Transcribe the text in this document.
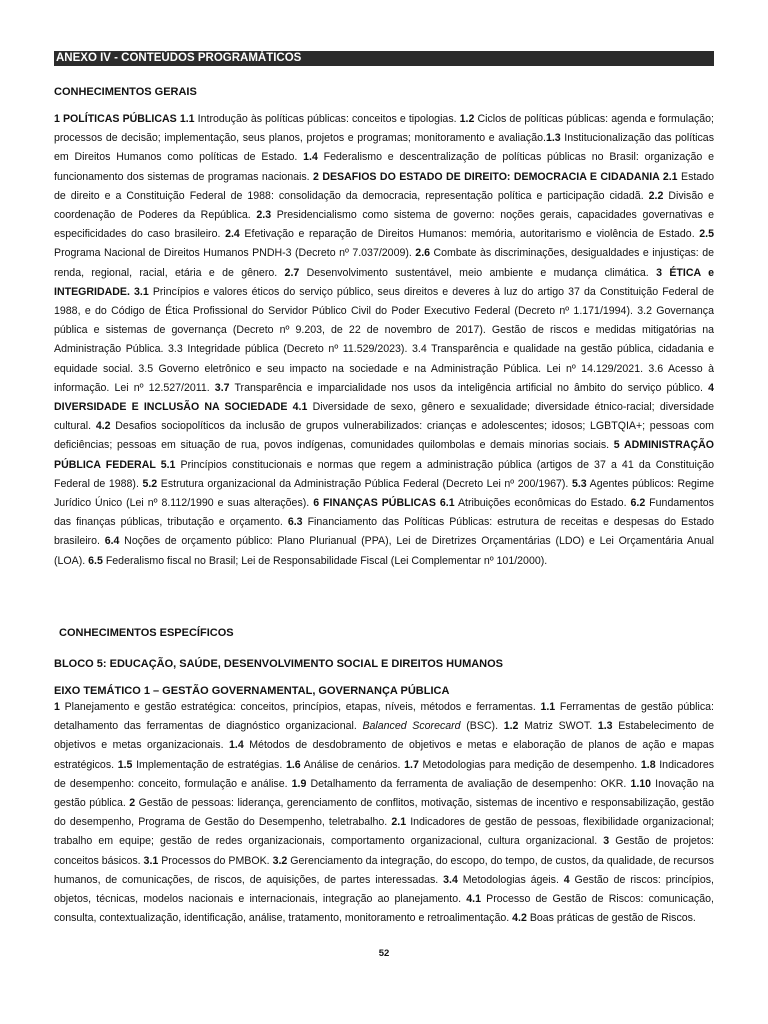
ANEXO IV - CONTEÚDOS PROGRAMÁTICOS
CONHECIMENTOS GERAIS

1 POLÍTICAS PÚBLICAS 1.1 Introdução às políticas públicas: conceitos e tipologias. 1.2 Ciclos de políticas públicas: agenda e formulação; processos de decisão; implementação, seus planos, projetos e programas; monitoramento e avaliação.1.3 Institucionalização das políticas em Direitos Humanos como políticas de Estado. 1.4 Federalismo e descentralização de políticas públicas no Brasil: organização e funcionamento dos sistemas de programas nacionais. 2 DESAFIOS DO ESTADO DE DIREITO: DEMOCRACIA E CIDADANIA 2.1 Estado de direito e a Constituição Federal de 1988: consolidação da democracia, representação política e participação cidadã. 2.2 Divisão e coordenação de Poderes da República. 2.3 Presidencialismo como sistema de governo: noções gerais, capacidades governativas e especificidades do caso brasileiro. 2.4 Efetivação e reparação de Direitos Humanos: memória, autoritarismo e violência de Estado. 2.5 Programa Nacional de Direitos Humanos PNDH-3 (Decreto nº 7.037/2009). 2.6 Combate às discriminações, desigualdades e injustiças: de renda, regional, racial, etária e de gênero. 2.7 Desenvolvimento sustentável, meio ambiente e mudança climática. 3 ÉTICA e INTEGRIDADE. 3.1 Princípios e valores éticos do serviço público, seus direitos e deveres à luz do artigo 37 da Constituição Federal de 1988, e do Código de Ética Profissional do Servidor Público Civil do Poder Executivo Federal (Decreto nº 1.171/1994). 3.2 Governança pública e sistemas de governança (Decreto nº 9.203, de 22 de novembro de 2017). Gestão de riscos e medidas mitigatórias na Administração Pública. 3.3 Integridade pública (Decreto nº 11.529/2023). 3.4 Transparência e qualidade na gestão pública, cidadania e equidade social. 3.5 Governo eletrônico e seu impacto na sociedade e na Administração Pública. Lei nº 14.129/2021. 3.6 Acesso à informação. Lei nº 12.527/2011. 3.7 Transparência e imparcialidade nos usos da inteligência artificial no âmbito do serviço público. 4 DIVERSIDADE E INCLUSÃO NA SOCIEDADE 4.1 Diversidade de sexo, gênero e sexualidade; diversidade étnico-racial; diversidade cultural. 4.2 Desafios sociopolíticos da inclusão de grupos vulnerabilizados: crianças e adolescentes; idosos; LGBTQIA+; pessoas com deficiências; pessoas em situação de rua, povos indígenas, comunidades quilombolas e demais minorias sociais. 5 ADMINISTRAÇÃO PÚBLICA FEDERAL 5.1 Princípios constitucionais e normas que regem a administração pública (artigos de 37 a 41 da Constituição Federal de 1988). 5.2 Estrutura organizacional da Administração Pública Federal (Decreto Lei nº 200/1967). 5.3 Agentes públicos: Regime Jurídico Único (Lei nº 8.112/1990 e suas alterações). 6 FINANÇAS PÚBLICAS 6.1 Atribuições econômicas do Estado. 6.2 Fundamentos das finanças públicas, tributação e orçamento. 6.3 Financiamento das Políticas Públicas: estrutura de receitas e despesas do Estado brasileiro. 6.4 Noções de orçamento público: Plano Plurianual (PPA), Lei de Diretrizes Orçamentárias (LDO) e Lei Orçamentária Anual (LOA). 6.5 Federalismo fiscal no Brasil; Lei de Responsabilidade Fiscal (Lei Complementar nº 101/2000).

CONHECIMENTOS ESPECÍFICOS
BLOCO 5: EDUCAÇÃO, SAÚDE, DESENVOLVIMENTO SOCIAL E DIREITOS HUMANOS
EIXO TEMÁTICO 1 – GESTÃO GOVERNAMENTAL, GOVERNANÇA PÚBLICA

1 Planejamento e gestão estratégica: conceitos, princípios, etapas, níveis, métodos e ferramentas. 1.1 Ferramentas de gestão pública: detalhamento das ferramentas de diagnóstico organizacional. Balanced Scorecard (BSC). 1.2 Matriz SWOT. 1.3 Estabelecimento de objetivos e metas organizacionais. 1.4 Métodos de desdobramento de objetivos e metas e elaboração de planos de ação e mapas estratégicos. 1.5 Implementação de estratégias. 1.6 Análise de cenários. 1.7 Metodologias para medição de desempenho. 1.8 Indicadores de desempenho: conceito, formulação e análise. 1.9 Detalhamento da ferramenta de avaliação de desempenho: OKR. 1.10 Inovação na gestão pública. 2 Gestão de pessoas: liderança, gerenciamento de conflitos, motivação, sistemas de incentivo e responsabilização, gestão do desempenho, Programa de Gestão do Desempenho, teletrabalho. 2.1 Indicadores de gestão de pessoas, flexibilidade organizacional; trabalho em equipe; gestão de redes organizacionais, comportamento organizacional, cultura organizacional. 3 Gestão de projetos: conceitos básicos. 3.1 Processos do PMBOK. 3.2 Gerenciamento da integração, do escopo, do tempo, de custos, da qualidade, de recursos humanos, de comunicações, de riscos, de aquisições, de partes interessadas. 3.4 Metodologias ágeis. 4 Gestão de riscos: princípios, objetos, técnicas, modelos nacionais e internacionais, integração ao planejamento. 4.1 Processo de Gestão de Riscos: comunicação, consulta, contextualização, identificação, análise, tratamento, monitoramento e retroalimentação. 4.2 Boas práticas de gestão de Riscos.

52
